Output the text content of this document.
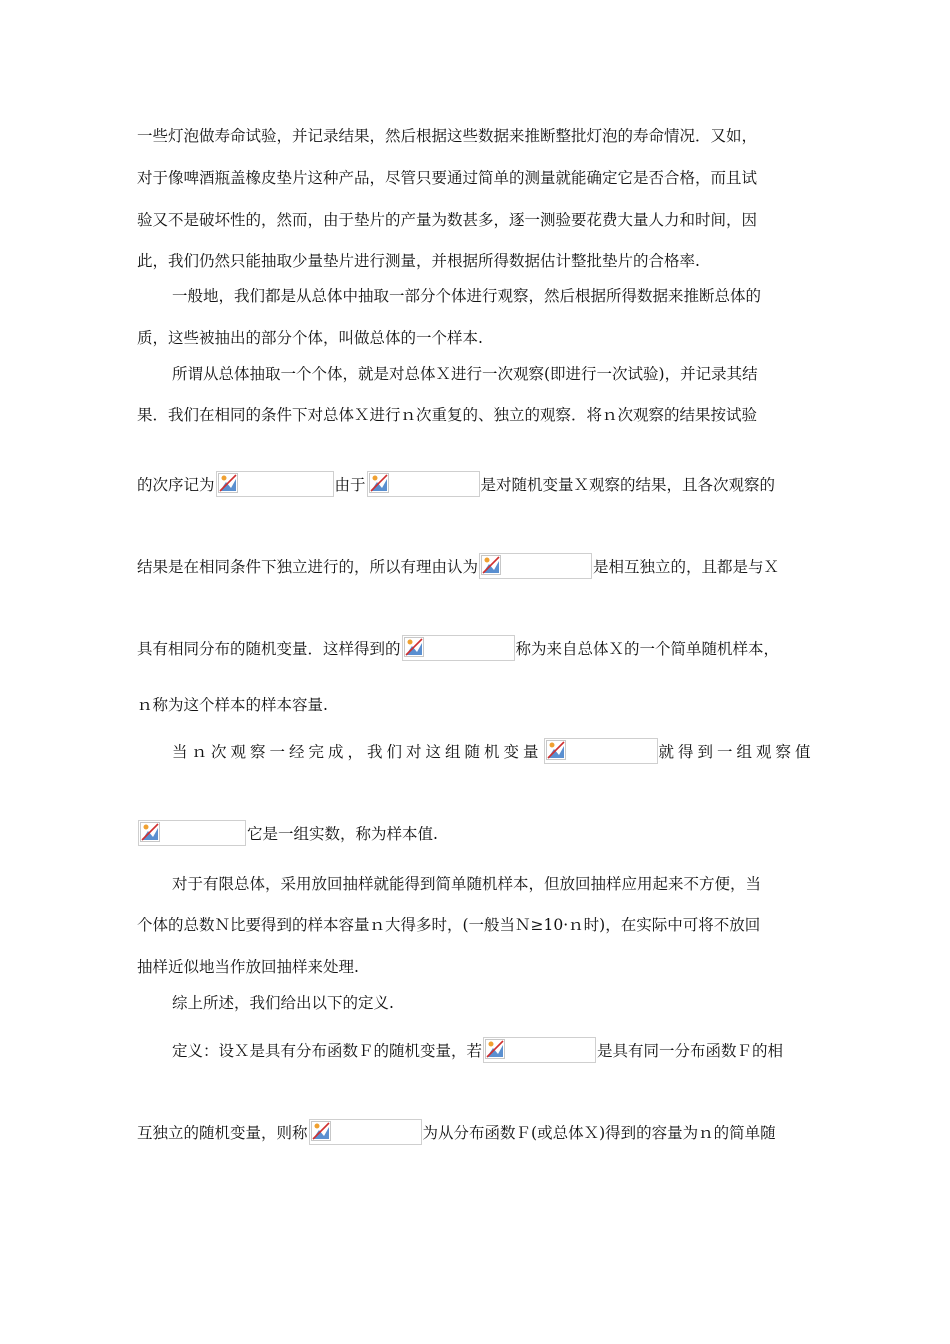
一些灯泡做寿命试验，并记录结果，然后根据这些数据来推断整批灯泡的寿命情况．又如，
对于像啤酒瓶盖橡皮垫片这种产品，尽管只要通过简单的测量就能确定它是否合格，而且试
验又不是破坏性的，然而，由于垫片的产量为数甚多，逐一测验要花费大量人力和时间，因
此，我们仍然只能抽取少量垫片进行测量，并根据所得数据估计整批垫片的合格率.
一般地，我们都是从总体中抽取一部分个体进行观察，然后根据所得数据来推断总体的
质，这些被抽出的部分个体，叫做总体的一个样本.
所谓从总体抽取一个个体，就是对总体Ｘ进行一次观察(即进行一次试验)，并记录其结
果．我们在相同的条件下对总体Ｘ进行ｎ次重复的、独立的观察．将ｎ次观察的结果按试验
的次序记为	由于	是对随机变量Ｘ观察的结果，且各次观察的
结果是在相同条件下独立进行的，所以有理由认为	是相互独立的，且都是与Ｘ
具有相同分布的随机变量．这样得到的	称为来自总体Ｘ的一个简单随机样本，
ｎ称为这个样本的样本容量.
当ｎ次观察一经完成，我们对这组随机变量	就得到一组观察值
它是一组实数，称为样本值.
对于有限总体，采用放回抽样就能得到简单随机样本，但放回抽样应用起来不方便，当
个体的总数Ｎ比要得到的样本容量ｎ大得多时，(一般当Ｎ≥10·ｎ时)，在实际中可将不放回
抽样近似地当作放回抽样来处理.
综上所述，我们给出以下的定义.
定义：设Ｘ是具有分布函数Ｆ的随机变量，若	是具有同一分布函数Ｆ的相
互独立的随机变量，则称	为从分布函数Ｆ(或总体Ｘ)得到的容量为ｎ的简单随
